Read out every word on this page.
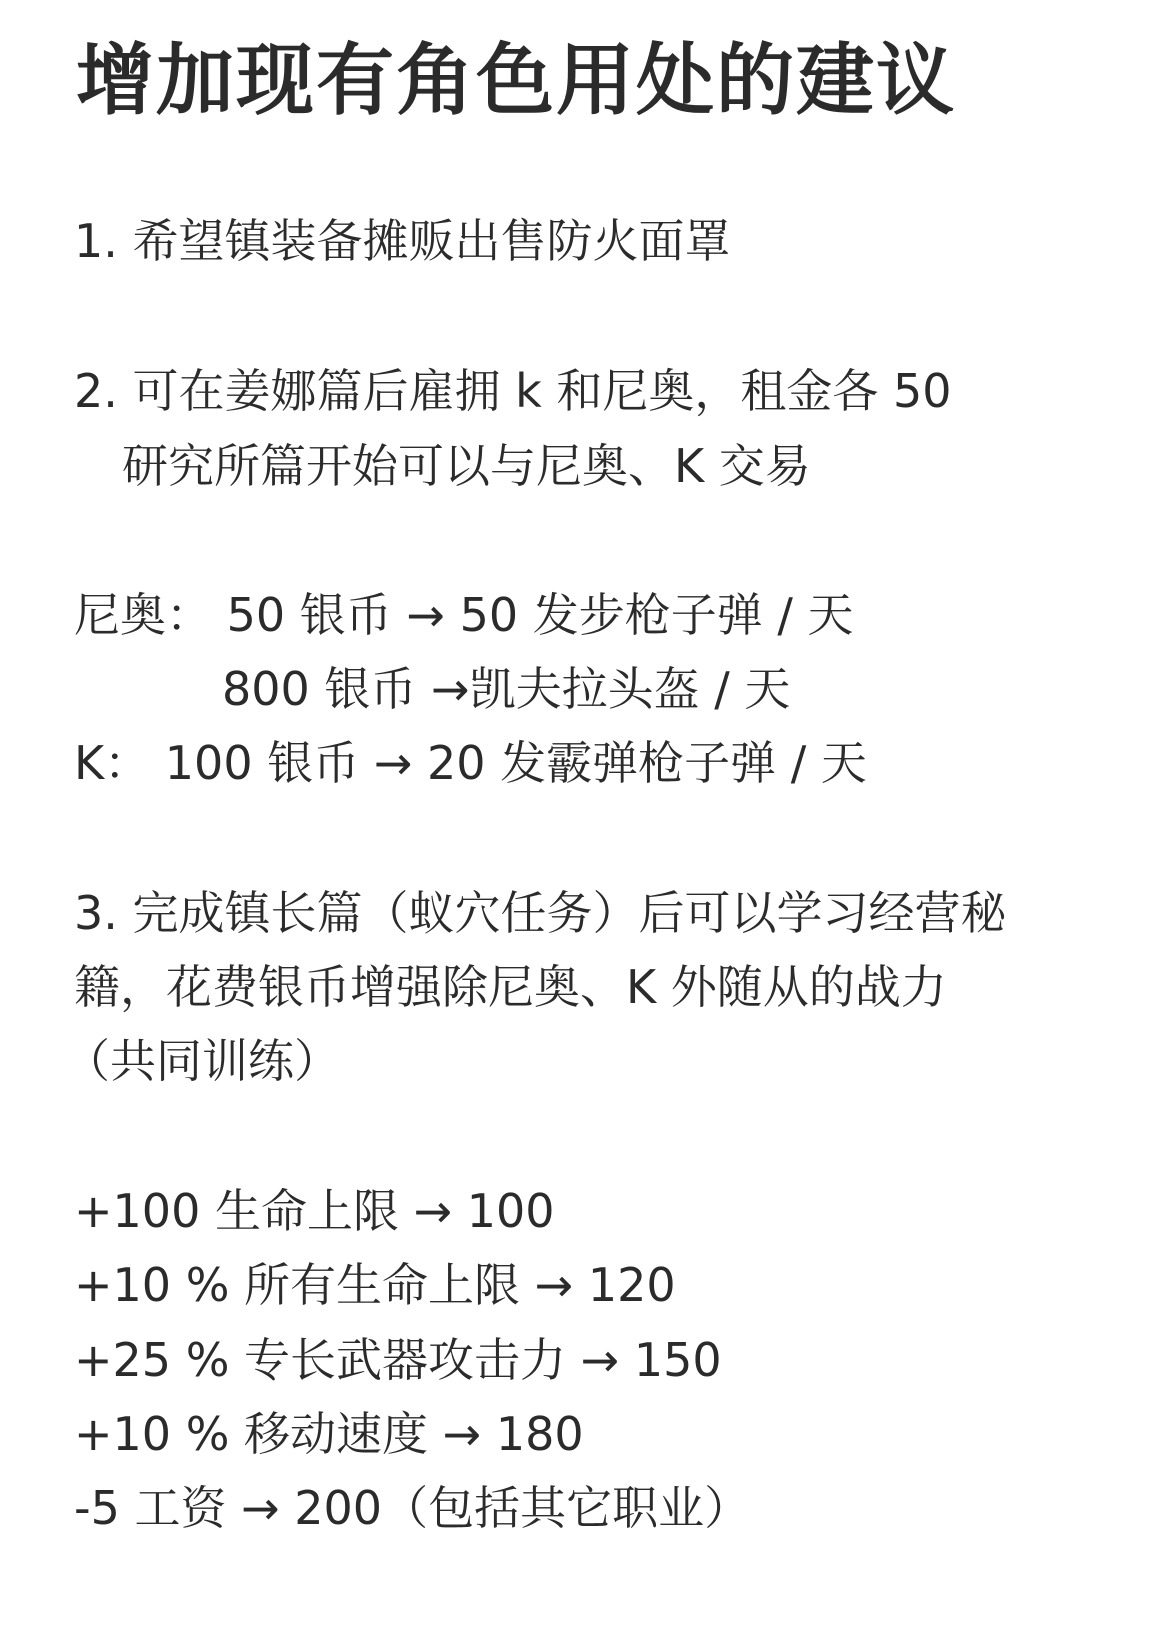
增加现有角色用处的建议
1. 希望镇装备摊贩出售防火面罩
2. 可在姜娜篇后雇拥 k 和尼奥，租金各 50
研究所篇开始可以与尼奥、K 交易
尼奥： 50 银币 → 50 发步枪子弹 / 天
800 银币 →凯夫拉头盔 / 天
K： 100 银币 → 20 发霰弹枪子弹 / 天
3. 完成镇长篇（蚁穴任务）后可以学习经营秘
籍，花费银币增强除尼奥、K 外随从的战力
（共同训练）
+100 生命上限 → 100
+10 % 所有生命上限 → 120
+25 % 专长武器攻击力 → 150
+10 % 移动速度 → 180
-5 工资 → 200（包括其它职业）
